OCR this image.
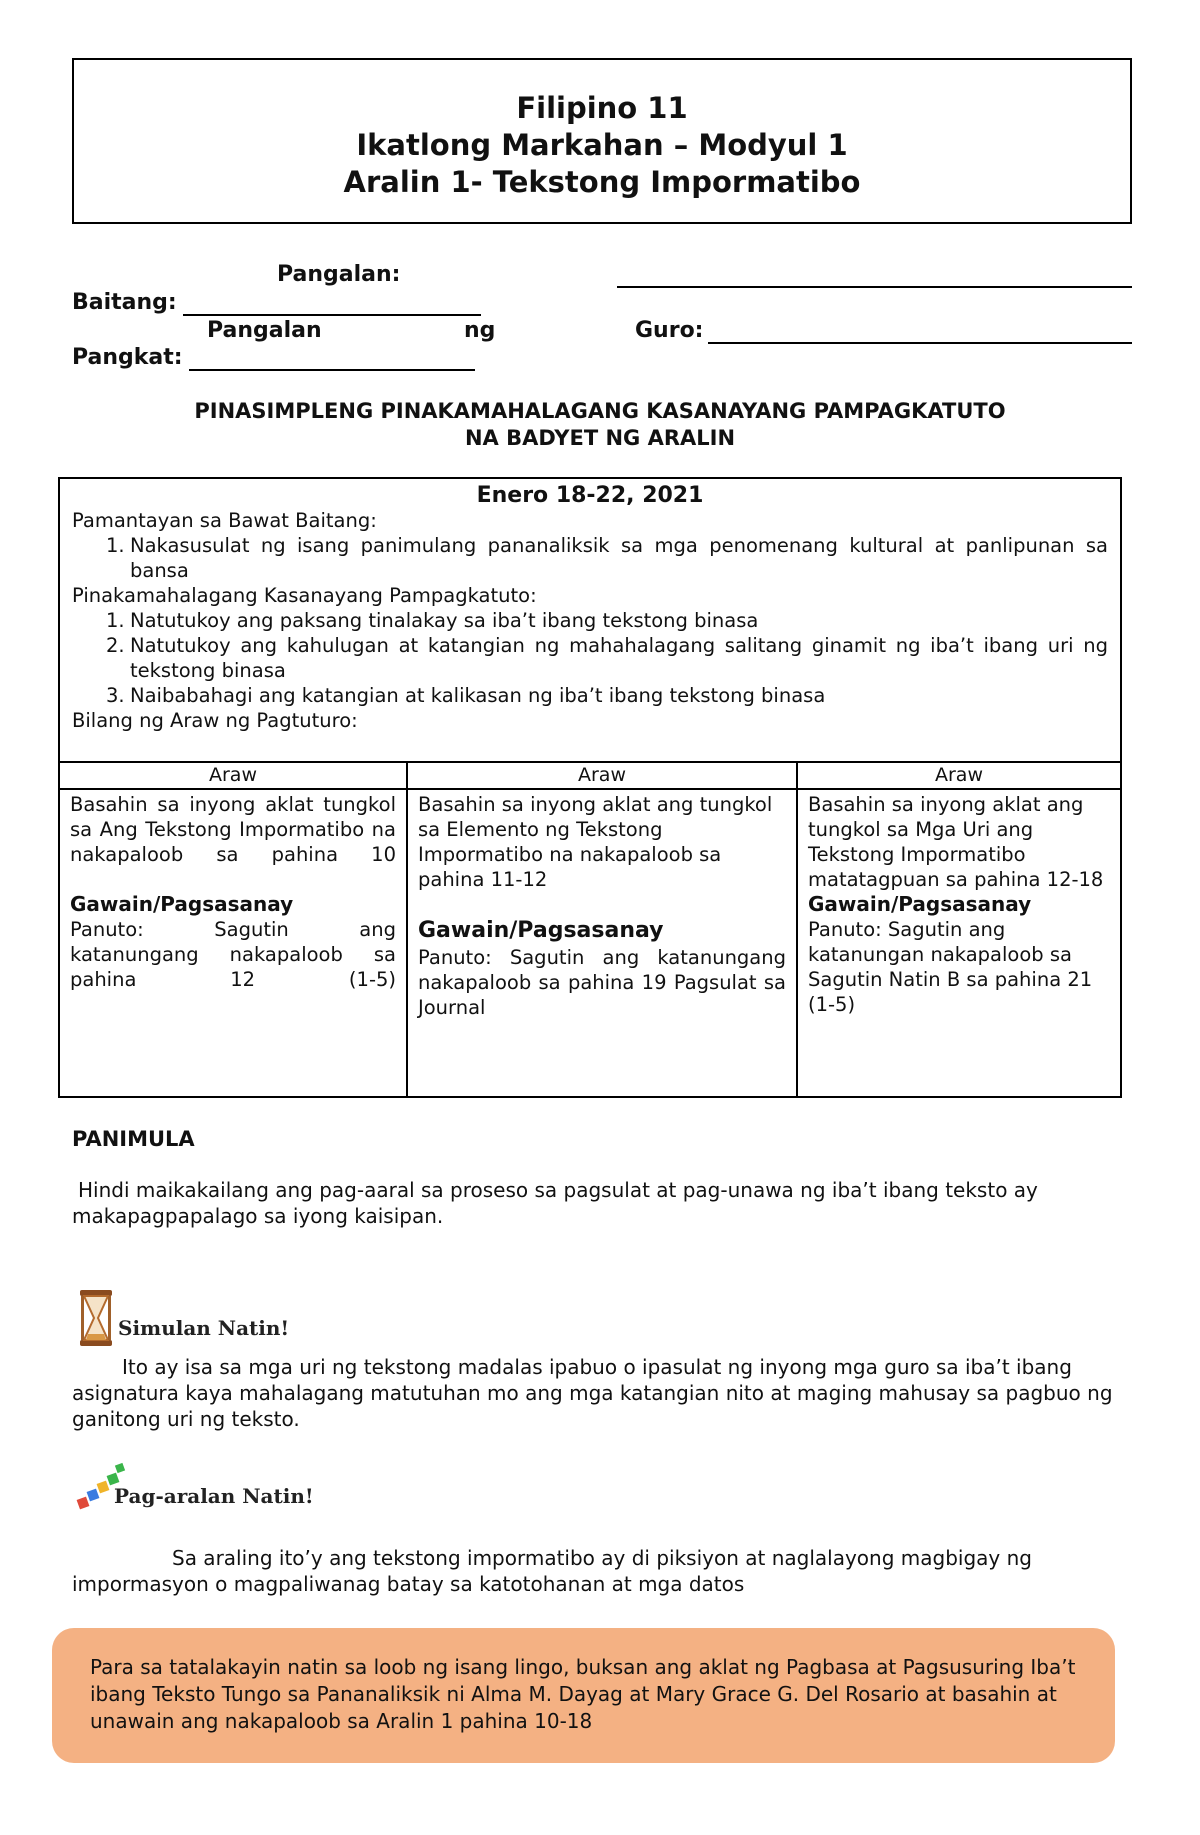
Filipino 11
Ikatlong Markahan – Modyul 1
Aralin 1- Tekstong Impormatibo
Pangalan:
Baitang:
Pangalan	ng	Guro:
Pangkat:
PINASIMPLENG PINAKAMAHALAGANG KASANAYANG PAMPAGKATUTO
NA BADYET NG ARALIN
Enero 18-22, 2021
Pamantayan sa Bawat Baitang:
1. Nakasusulat ng isang panimulang pananaliksik sa mga penomenang kultural at panlipunan sa bansa
Pinakamahalagang Kasanayang Pampagkatuto:
1. Natutukoy ang paksang tinalakay sa iba’t ibang tekstong binasa
2. Natutukoy ang kahulugan at katangian ng mahahalagang salitang ginamit ng iba’t ibang uri ng tekstong binasa
3. Naibabahagi ang katangian at kalikasan ng iba’t ibang tekstong binasa
Bilang ng Araw ng Pagtuturo:
Araw
Basahin sa inyong aklat tungkol sa Ang Tekstong Impormatibo na nakapaloob sa pahina 10
Gawain/Pagsasanay
Panuto: Sagutin ang katanungang nakapaloob sa pahina 12 (1-5)
Araw
Basahin sa inyong aklat ang tungkol sa Elemento ng Tekstong Impormatibo na nakapaloob sa pahina 11-12
Gawain/Pagsasanay
Panuto: Sagutin ang katanungang nakapaloob sa pahina 19 Pagsulat sa Journal
Araw
Basahin sa inyong aklat ang tungkol sa Mga Uri ang Tekstong Impormatibo matatagpuan sa pahina 12-18
Gawain/Pagsasanay
Panuto: Sagutin ang katanungan nakapaloob sa Sagutin Natin B sa pahina 21 (1-5)
PANIMULA
Hindi maikakailang ang pag-aaral sa proseso sa pagsulat at pag-unawa ng iba’t ibang teksto ay makapagpapalago sa iyong kaisipan.
Simulan Natin!
Ito ay isa sa mga uri ng tekstong madalas ipabuo o ipasulat ng inyong mga guro sa iba’t ibang asignatura kaya mahalagang matutuhan mo ang mga katangian nito at maging mahusay sa pagbuo ng ganitong uri ng teksto.
Pag-aralan Natin!
Sa araling ito’y ang tekstong impormatibo ay di piksiyon at naglalayong magbigay ng impormasyon o magpaliwanag batay sa katotohanan at mga datos
Para sa tatalakayin natin sa loob ng isang lingo, buksan ang aklat ng Pagbasa at Pagsusuring Iba’t ibang Teksto Tungo sa Pananaliksik ni Alma M. Dayag at Mary Grace G. Del Rosario at basahin at unawain ang nakapaloob sa Aralin 1 pahina 10-18
